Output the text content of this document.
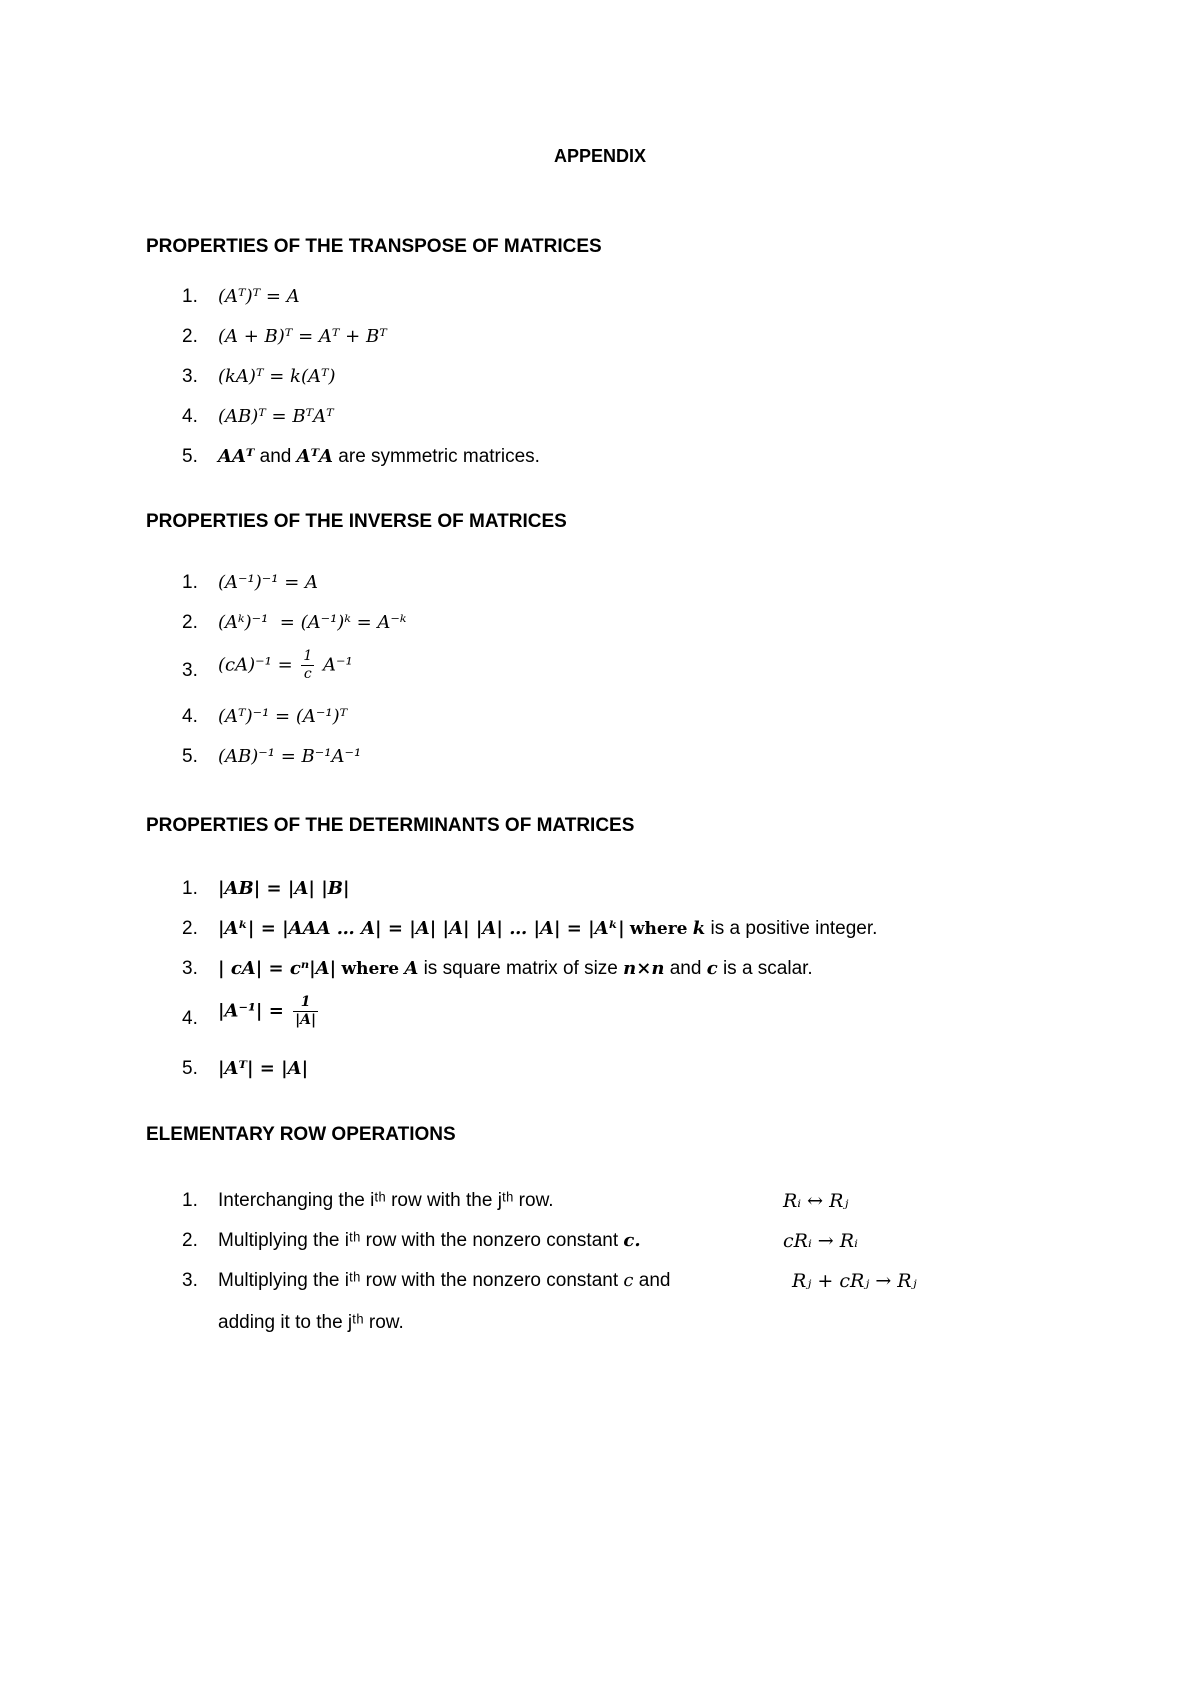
APPENDIX
PROPERTIES OF THE TRANSPOSE OF MATRICES
1. (Aᵀ)ᵀ = A
2. (A + B)ᵀ = Aᵀ + Bᵀ
3. (kA)ᵀ = k(Aᵀ)
4. (AB)ᵀ = BᵀAᵀ
5. AAᵀ and AᵀA are symmetric matrices.
PROPERTIES OF THE INVERSE OF MATRICES
1. (A⁻¹)⁻¹ = A
2. (Aᵏ)⁻¹  = (A⁻¹)ᵏ = A⁻ᵏ
3. $(cA)^{-1} = \frac{1}{c} A^{-1}$
4. (Aᵀ)⁻¹ = (A⁻¹)ᵀ
5. (AB)⁻¹ = B⁻¹A⁻¹
PROPERTIES OF THE DETERMINANTS OF MATRICES
1. |AB| = |A| |B|
2. |Aᵏ| = |AAA … A| = |A| |A| |A| … |A| = |Aᵏ| where k is a positive integer.
3. | cA| = cⁿ|A| where A is square matrix of size n×n and c is a scalar.
4. $|A^{-1}| = \frac{1}{|A|}$
5. |Aᵀ| = |A|
ELEMENTARY ROW OPERATIONS
1. Interchanging the iᵗʰ row with the jᵗʰ row.	Rᵢ ↔ Rⱼ
2. Multiplying the iᵗʰ row with the nonzero constant c.	cRᵢ → Rᵢ
3. Multiplying the iᵗʰ row with the nonzero constant c and	Rⱼ + cRⱼ → Rⱼ
adding it to the jᵗʰ row.
